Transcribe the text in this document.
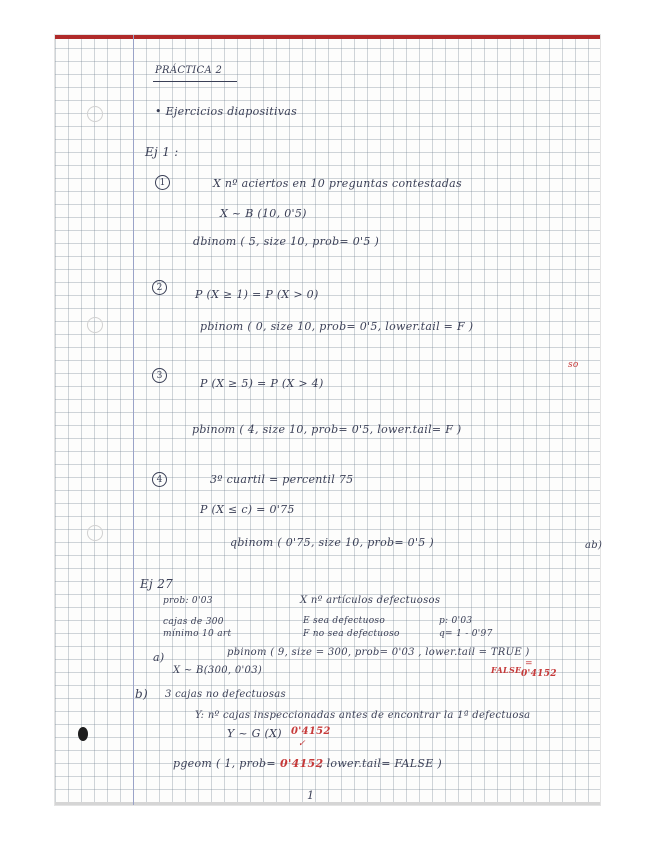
PRÁCTICA 2
• Ejercicios diapositivas
Ej 1 :
1	X nº aciertos en 10 preguntas contestadas
X ~ B (10, 0'5)
dbinom ( 5, size 10, prob= 0'5 )
2
P (X ≥ 1) = P (X > 0)
pbinom ( 0, size 10, prob= 0'5, lower.tail = F )
3
P (X ≥ 5) = P (X > 4)
pbinom ( 4, size 10, prob= 0'5, lower.tail= F )
4	3º cuartil = percentil 75
P (X ≤ c) = 0'75
qbinom ( 0'75, size 10, prob= 0'5 )
Ej 27
prob: 0'03	X nº artículos defectuosos
cajas de 300
mínimo 10 art
E sea defectuoso
F no sea defectuoso
p: 0'03
q= 1 - 0'97
a)	pbinom ( 9, size = 300, prob= 0'03 , lower.tail = TRUE )
X ~ B(300, 0'03)	FALSE
=
0'4152
b) 3 cajas no defectuosas
Y: nº cajas inspeccionadas antes de encontrar la 1ª defectuosa
Y ~ G (X) 0'4152
✓
pgeom ( 1, prob= 0'4152
, lower.tail= FALSE )
1
so
ab)
